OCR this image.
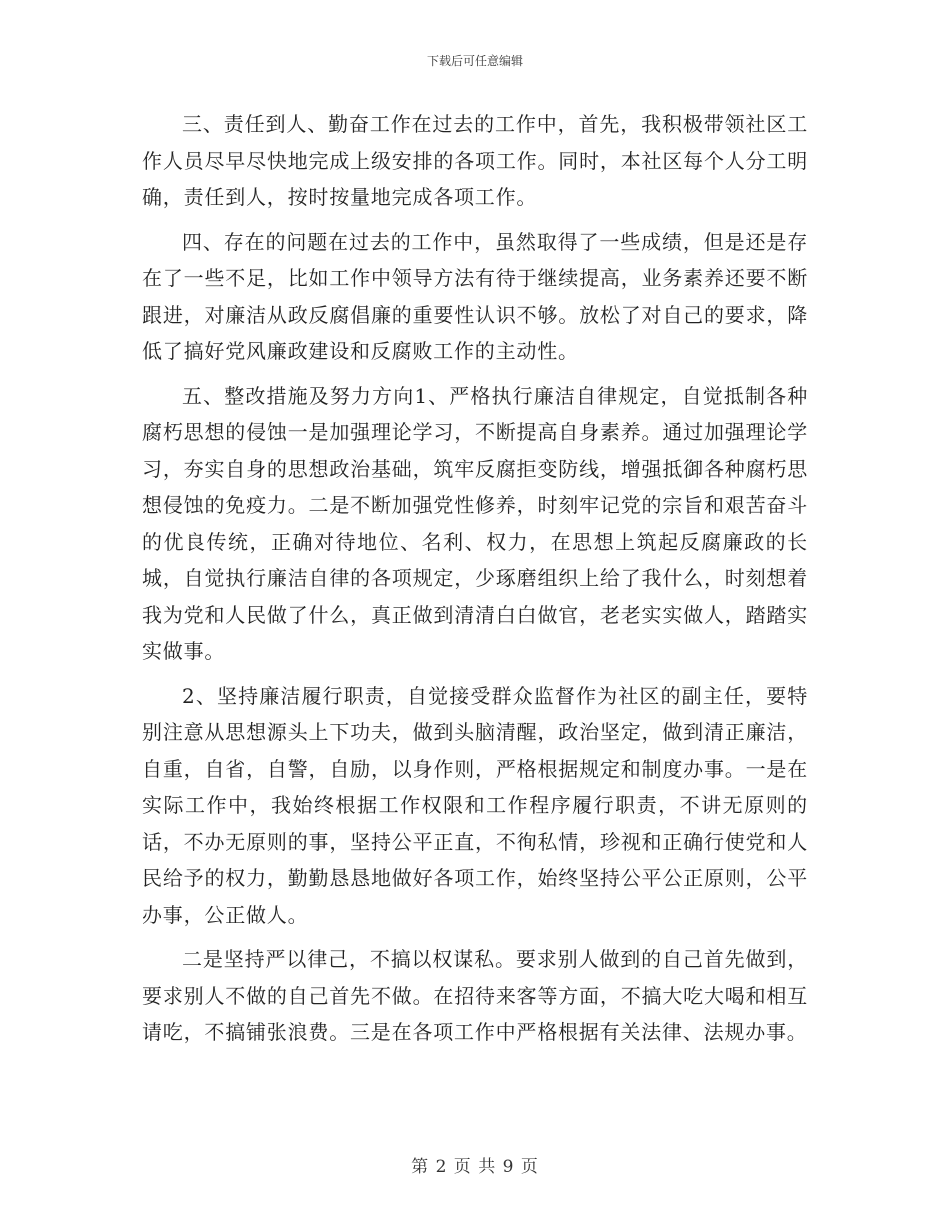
下载后可任意编辑

三、责任到人、勤奋工作在过去的工作中，首先，我积极带领社区工作人员尽早尽快地完成上级安排的各项工作。同时，本社区每个人分工明确，责任到人，按时按量地完成各项工作。

四、存在的问题在过去的工作中，虽然取得了一些成绩，但是还是存在了一些不足，比如工作中领导方法有待于继续提高，业务素养还要不断跟进，对廉洁从政反腐倡廉的重要性认识不够。放松了对自己的要求，降低了搞好党风廉政建设和反腐败工作的主动性。

五、整改措施及努力方向1、严格执行廉洁自律规定，自觉抵制各种腐朽思想的侵蚀一是加强理论学习，不断提高自身素养。通过加强理论学习，夯实自身的思想政治基础，筑牢反腐拒变防线，增强抵御各种腐朽思想侵蚀的免疫力。二是不断加强党性修养，时刻牢记党的宗旨和艰苦奋斗的优良传统，正确对待地位、名利、权力，在思想上筑起反腐廉政的长城，自觉执行廉洁自律的各项规定，少琢磨组织上给了我什么，时刻想着我为党和人民做了什么，真正做到清清白白做官，老老实实做人，踏踏实实做事。

2、坚持廉洁履行职责，自觉接受群众监督作为社区的副主任，要特别注意从思想源头上下功夫，做到头脑清醒，政治坚定，做到清正廉洁，自重，自省，自警，自励，以身作则，严格根据规定和制度办事。一是在实际工作中，我始终根据工作权限和工作程序履行职责，不讲无原则的话，不办无原则的事，坚持公平正直，不徇私情，珍视和正确行使党和人民给予的权力，勤勤恳恳地做好各项工作，始终坚持公平公正原则，公平办事，公正做人。

二是坚持严以律己，不搞以权谋私。要求别人做到的自己首先做到，要求别人不做的自己首先不做。在招待来客等方面，不搞大吃大喝和相互请吃，不搞铺张浪费。三是在各项工作中严格根据有关法律、法规办事。

第 2 页 共 9 页
